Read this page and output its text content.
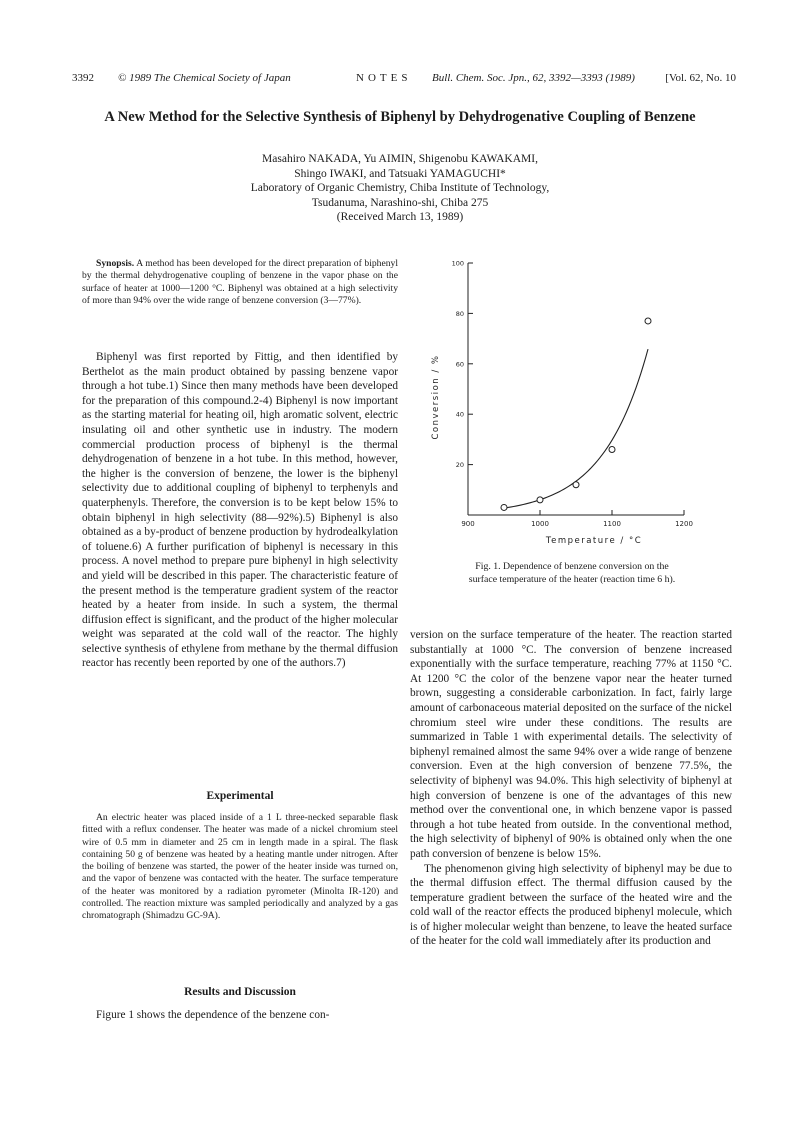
3392 © 1989 The Chemical Society of Japan	NOTES Bull. Chem. Soc. Jpn., 62, 3392—3393 (1989)	[Vol. 62, No. 10
A New Method for the Selective Synthesis of Biphenyl by Dehydrogenative Coupling of Benzene
Masahiro NAKADA, Yu AIMIN, Shigenobu KAWAKAMI,
Shingo IWAKI, and Tatsuaki YAMAGUCHI*
Laboratory of Organic Chemistry, Chiba Institute of Technology,
Tsudanuma, Narashino-shi, Chiba 275
(Received March 13, 1989)

Synopsis. A method has been developed for the direct preparation of biphenyl by the thermal dehydrogenative coupling of benzene in the vapor phase on the surface of heater at 1000—1200 °C. Biphenyl was obtained at a high selectivity of more than 94% over the wide range of benzene conversion (3—77%).

Biphenyl was first reported by Fittig, and then identified by Berthelot as the main product obtained by passing benzene vapor through a hot tube.1) Since then many methods have been developed for the preparation of this compound.2-4) Biphenyl is now important as the starting material for heating oil, high aromatic solvent, electric insulating oil and other synthetic use in industry. The modern commercial production process of biphenyl is the thermal dehydrogenation of benzene in a hot tube. In this method, however, the higher is the conversion of benzene, the lower is the biphenyl selectivity due to additional coupling of biphenyl to terphenyls and quaterphenyls. Therefore, the conversion is to be kept below 15% to obtain biphenyl in high selectivity (88—92%).5) Biphenyl is also obtained as a by-product of benzene production by hydrodealkylation of toluene.6) A further purification of biphenyl is necessary in this process. A novel method to prepare pure biphenyl in high selectivity and yield will be described in this paper. The characteristic feature of the present method is the temperature gradient system of the reactor heated by a heater from inside. In such a system, the thermal diffusion effect is significant, and the product of the higher molecular weight was separated at the cold wall of the reactor. The highly selective synthesis of ethylene from methane by the thermal diffusion reactor has recently been reported by one of the authors.7)

Experimental

An electric heater was placed inside of a 1 L three-necked separable flask fitted with a reflux condenser. The heater was made of a nickel chromium steel wire of 0.5 mm in diameter and 25 cm in length made in a spiral. The flask containing 50 g of benzene was heated by a heating mantle under nitrogen. After the boiling of benzene was started, the power of the heater inside was turned on, and the vapor of benzene was contacted with the heater. The surface temperature of the heater was monitored by a radiation pyrometer (Minolta IR-120) and controlled. The reaction mixture was sampled periodically and analyzed by a gas chromatograph (Shimadzu GC-9A).

Results and Discussion

Figure 1 shows the dependence of the benzene con-

20
40
60
80
100
900	1000	1100	1200
Temperature / °C
Conversion / %
Fig. 1. Dependence of benzene conversion on the
surface temperature of the heater (reaction time 6 h).

version on the surface temperature of the heater. The reaction started substantially at 1000 °C. The conversion of benzene increased exponentially with the surface temperature, reaching 77% at 1150 °C. At 1200 °C the color of the benzene vapor near the heater turned brown, suggesting a considerable carbonization. In fact, fairly large amount of carbonaceous material deposited on the surface of the nickel chromium steel wire under these conditions. The results are summarized in Table 1 with experimental details. The selectivity of biphenyl remained almost the same 94% over a wide range of benzene conversion. Even at the high conversion of benzene 77.5%, the selectivity of biphenyl was 94.0%. This high selectivity of biphenyl at high conversion of benzene is one of the advantages of this new method over the conventional one, in which benzene vapor is passed through a hot tube heated from outside. In the conventional method, the high selectivity of biphenyl of 90% is obtained only when the one path conversion of benzene is below 15%.

The phenomenon giving high selectivity of biphenyl may be due to the thermal diffusion effect. The thermal diffusion caused by the temperature gradient between the surface of the heated wire and the cold wall of the reactor effects the produced biphenyl molecule, which is of higher molecular weight than benzene, to leave the heated surface of the heater for the cold wall immediately after its production and
